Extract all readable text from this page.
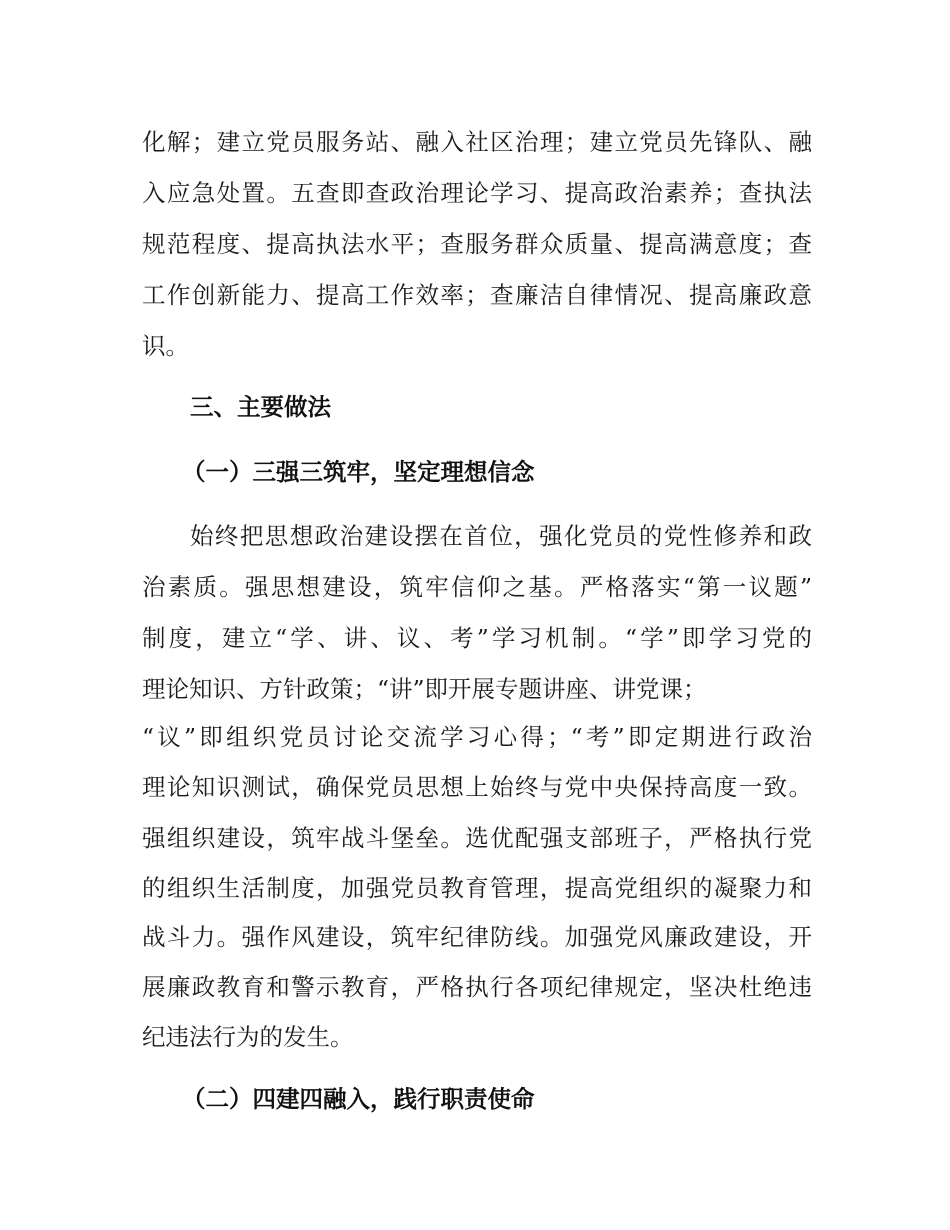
化解；建立党员服务站、融入社区治理；建立党员先锋队、融
入应急处置。五查即查政治理论学习、提高政治素养；查执法
规范程度、提高执法水平；查服务群众质量、提高满意度；查
工作创新能力、提高工作效率；查廉洁自律情况、提高廉政意
识。
三、主要做法
（一）三强三筑牢，坚定理想信念
始终把思想政治建设摆在首位，强化党员的党性修养和政
治素质。强思想建设，筑牢信仰之基。严格落实“第一议题”
制度，建立“学、讲、议、考”学习机制。“学”即学习党的
理论知识、方针政策；“讲”即开展专题讲座、讲党课；
“议”即组织党员讨论交流学习心得；“考”即定期进行政治
理论知识测试，确保党员思想上始终与党中央保持高度一致。
强组织建设，筑牢战斗堡垒。选优配强支部班子，严格执行党
的组织生活制度，加强党员教育管理，提高党组织的凝聚力和
战斗力。强作风建设，筑牢纪律防线。加强党风廉政建设，开
展廉政教育和警示教育，严格执行各项纪律规定，坚决杜绝违
纪违法行为的发生。
（二）四建四融入，践行职责使命
